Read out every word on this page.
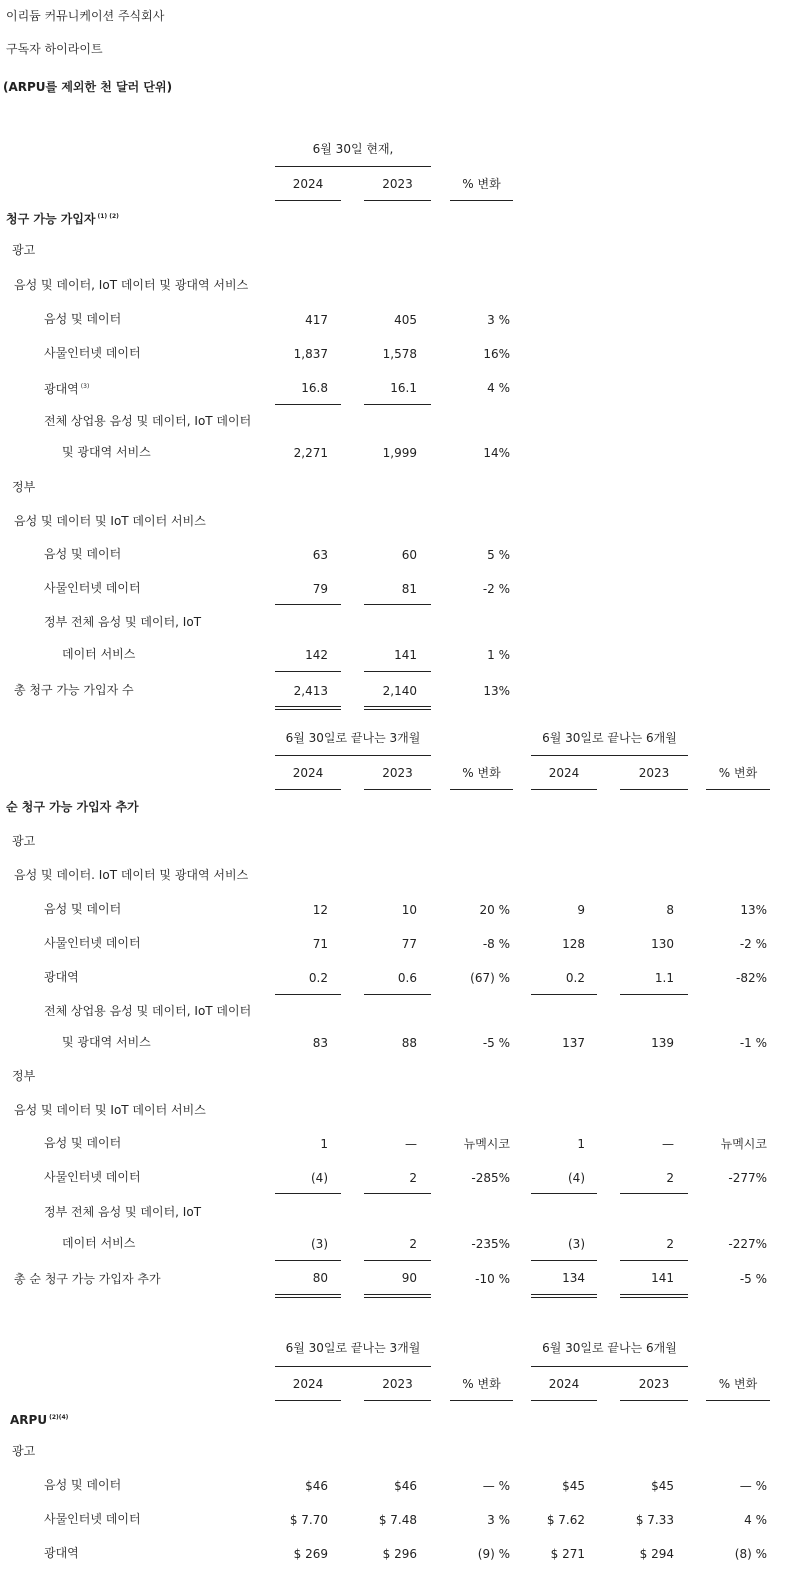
이리듐 커뮤니케이션 주식회사
구독자 하이라이트
(ARPU를 제외한 천 달러 단위)
6월 30일 현재,
2024	2023	% 변화
청구 가능 가입자 $^{(1) (2)}$
광고
음성 및 데이터, IoT 데이터 및 광대역 서비스
음성 및 데이터	417	405	3 %
사물인터넷 데이터	1,837	1,578	16%
광대역 $^{(3)}$	16.8	16.1	4 %
전체 상업용 음성 및 데이터, IoT 데이터
및 광대역 서비스	2,271	1,999	14%
정부
음성 및 데이터 및 IoT 데이터 서비스
음성 및 데이터	63	60	5 %
사물인터넷 데이터	79	81	-2 %
정부 전체 음성 및 데이터, IoT
데이터 서비스	142	141	1 %
총 청구 가능 가입자 수	2,413	2,140	13%
6월 30일로 끝나는 3개월	6월 30일로 끝나는 6개월
2024	2023	% 변화	2024	2023	% 변화
순 청구 가능 가입자 추가
광고
음성 및 데이터. IoT 데이터 및 광대역 서비스
음성 및 데이터	12	10	20 %	9	8	13%
사물인터넷 데이터	71	77	-8 %	128	130	-2 %
광대역	0.2	0.6	(67) %	0.2	1.1	-82%
전체 상업용 음성 및 데이터, IoT 데이터
및 광대역 서비스	83	88	-5 %	137	139	-1 %
정부
음성 및 데이터 및 IoT 데이터 서비스
음성 및 데이터	1	—	뉴멕시코	1	—	뉴멕시코
사물인터넷 데이터	(4)	2	-285%	(4)	2	-277%
정부 전체 음성 및 데이터, IoT
데이터 서비스	(3)	2	-235%	(3)	2	-227%
총 순 청구 가능 가입자 추가	80	90	-10 %	134	141	-5 %
6월 30일로 끝나는 3개월	6월 30일로 끝나는 6개월
2024	2023	% 변화	2024	2023	% 변화
ARPU $^{(2)(4)}$
광고
음성 및 데이터	$46	$46	— %	$45	$45	— %
사물인터넷 데이터	$ 7.70	$ 7.48	3 %	$ 7.62	$ 7.33	4 %
광대역	$ 269	$ 296	(9) %	$ 271	$ 294	(8) %
